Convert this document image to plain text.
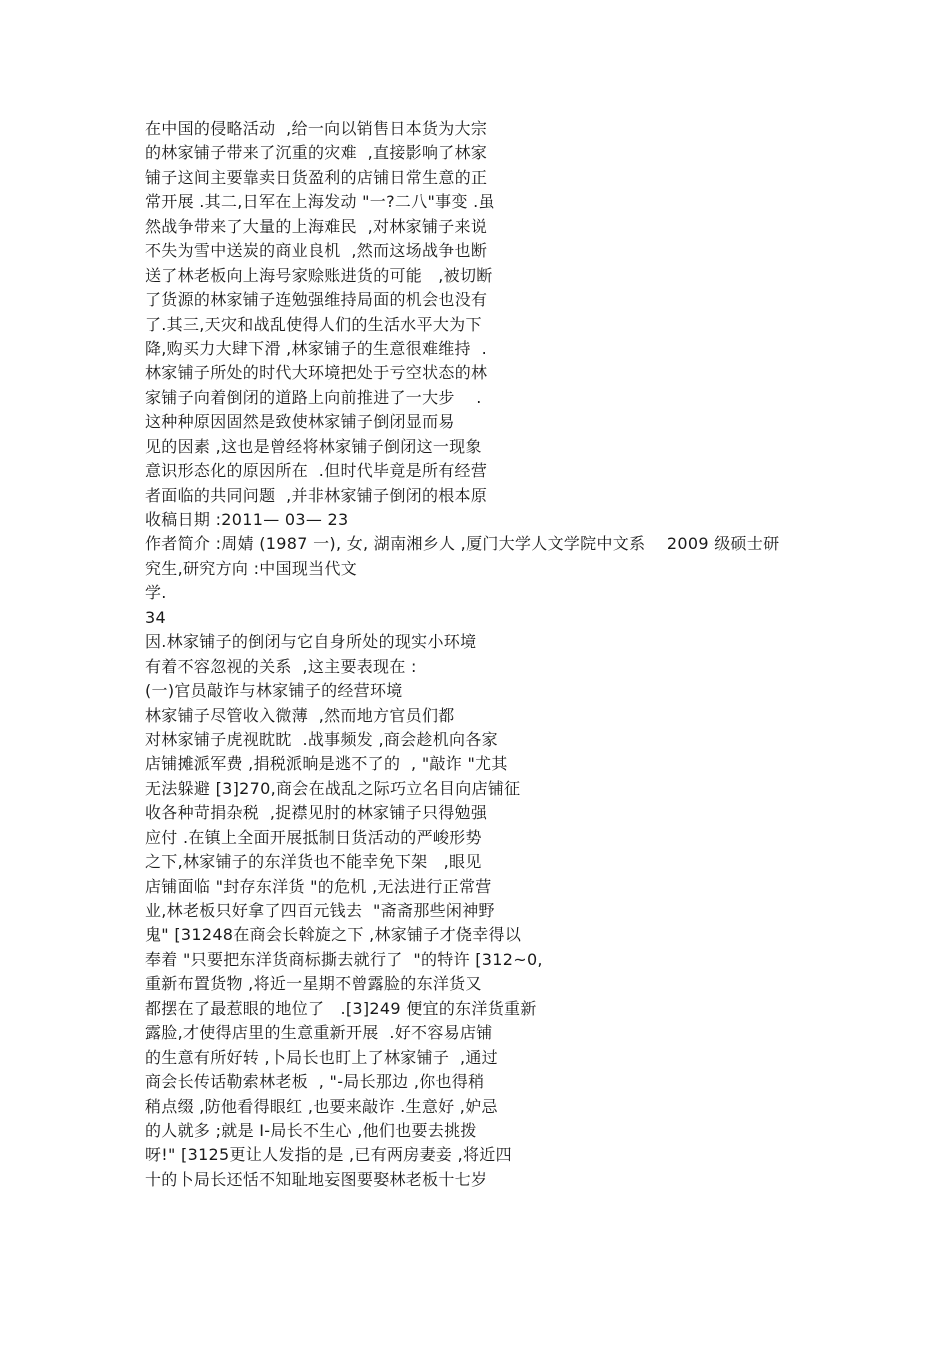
在中国的侵略活动  ,给一向以销售日本货为大宗
的林家铺子带来了沉重的灾难  ,直接影响了林家
铺子这间主要靠卖日货盈利的店铺日常生意的正
常开展 .其二,日军在上海发动 "一?二八"事变 .虽
然战争带来了大量的上海难民  ,对林家铺子来说
不失为雪中送炭的商业良机  ,然而这场战争也断
送了林老板向上海号家赊账进货的可能   ,被切断
了货源的林家铺子连勉强维持局面的机会也没有
了.其三,天灾和战乱使得人们的生活水平大为下
降,购买力大肆下滑 ,林家铺子的生意很难维持  .
林家铺子所处的时代大环境把处于亏空状态的林
家铺子向着倒闭的道路上向前推进了一大步    .
这种种原因固然是致使林家铺子倒闭显而易
见的因素 ,这也是曾经将林家铺子倒闭这一现象
意识形态化的原因所在  .但时代毕竟是所有经营
者面临的共同问题  ,并非林家铺子倒闭的根本原
收稿日期 :2011— 03— 23
作者简介 :周婧 (1987 一), 女, 湖南湘乡人 ,厦门大学人文学院中文系    2009 级硕士研
究生,研究方向 :中国现当代文
学.
34
因.林家铺子的倒闭与它自身所处的现实小环境
有着不容忽视的关系  ,这主要表现在 :
(一)官员敲诈与林家铺子的经营环境
林家铺子尽管收入微薄  ,然而地方官员们都
对林家铺子虎视眈眈  .战事频发 ,商会趁机向各家
店铺摊派军费 ,捐税派晌是逃不了的  , "敲诈 "尤其
无法躲避 [3]270,商会在战乱之际巧立名目向店铺征
收各种苛捐杂税  ,捉襟见肘的林家铺子只得勉强
应付 .在镇上全面开展抵制日货活动的严峻形势
之下,林家铺子的东洋货也不能幸免下架   ,眼见
店铺面临 "封存东洋货 "的危机 ,无法进行正常营
业,林老板只好拿了四百元钱去  "斋斋那些闲神野
鬼" [31248在商会长斡旋之下 ,林家铺子才侥幸得以
奉着 "只要把东洋货商标撕去就行了  "的特许 [312~0,
重新布置货物 ,将近一星期不曾露脸的东洋货又
都摆在了最惹眼的地位了   .[3]249 便宜的东洋货重新
露脸,才使得店里的生意重新开展  .好不容易店铺
的生意有所好转 ,卜局长也盯上了林家铺子  ,通过
商会长传话勒索林老板  , "-局长那边 ,你也得稍
稍点缀 ,防他看得眼红 ,也要来敲诈 .生意好 ,妒忌
的人就多 ;就是 I-局长不生心 ,他们也要去挑拨
呀!" [3125更让人发指的是 ,已有两房妻妾 ,将近四
十的卜局长还恬不知耻地妄图要娶林老板十七岁
